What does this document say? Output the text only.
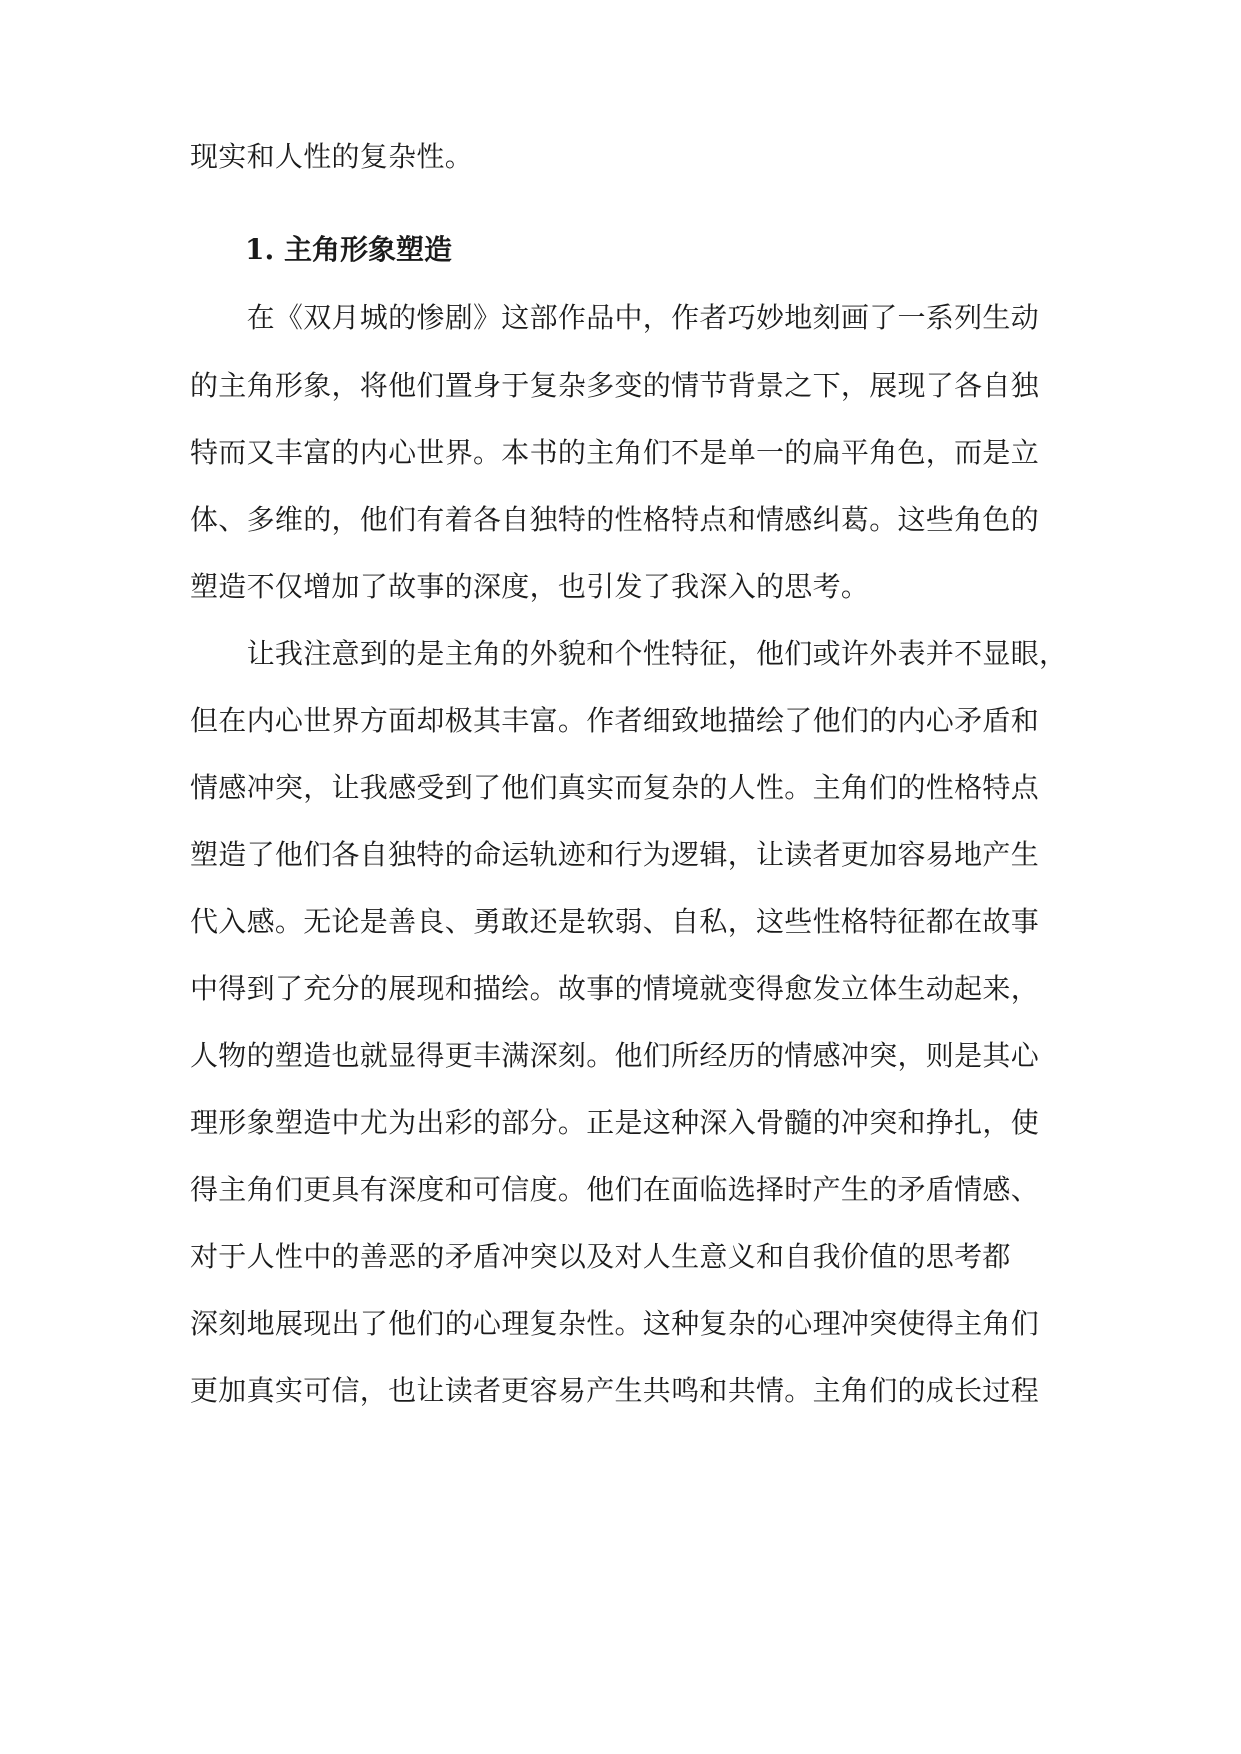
现实和人性的复杂性。
1. 主角形象塑造
　　在《双月城的惨剧》这部作品中，作者巧妙地刻画了一系列生动
的主角形象，将他们置身于复杂多变的情节背景之下，展现了各自独
特而又丰富的内心世界。本书的主角们不是单一的扁平角色，而是立
体、多维的，他们有着各自独特的性格特点和情感纠葛。这些角色的
塑造不仅增加了故事的深度，也引发了我深入的思考。
　　让我注意到的是主角的外貌和个性特征，他们或许外表并不显眼，
但在内心世界方面却极其丰富。作者细致地描绘了他们的内心矛盾和
情感冲突，让我感受到了他们真实而复杂的人性。主角们的性格特点
塑造了他们各自独特的命运轨迹和行为逻辑，让读者更加容易地产生
代入感。无论是善良、勇敢还是软弱、自私，这些性格特征都在故事
中得到了充分的展现和描绘。故事的情境就变得愈发立体生动起来，
人物的塑造也就显得更丰满深刻。他们所经历的情感冲突，则是其心
理形象塑造中尤为出彩的部分。正是这种深入骨髓的冲突和挣扎，使
得主角们更具有深度和可信度。他们在面临选择时产生的矛盾情感、
对于人性中的善恶的矛盾冲突以及对人生意义和自我价值的思考都
深刻地展现出了他们的心理复杂性。这种复杂的心理冲突使得主角们
更加真实可信，也让读者更容易产生共鸣和共情。主角们的成长过程
